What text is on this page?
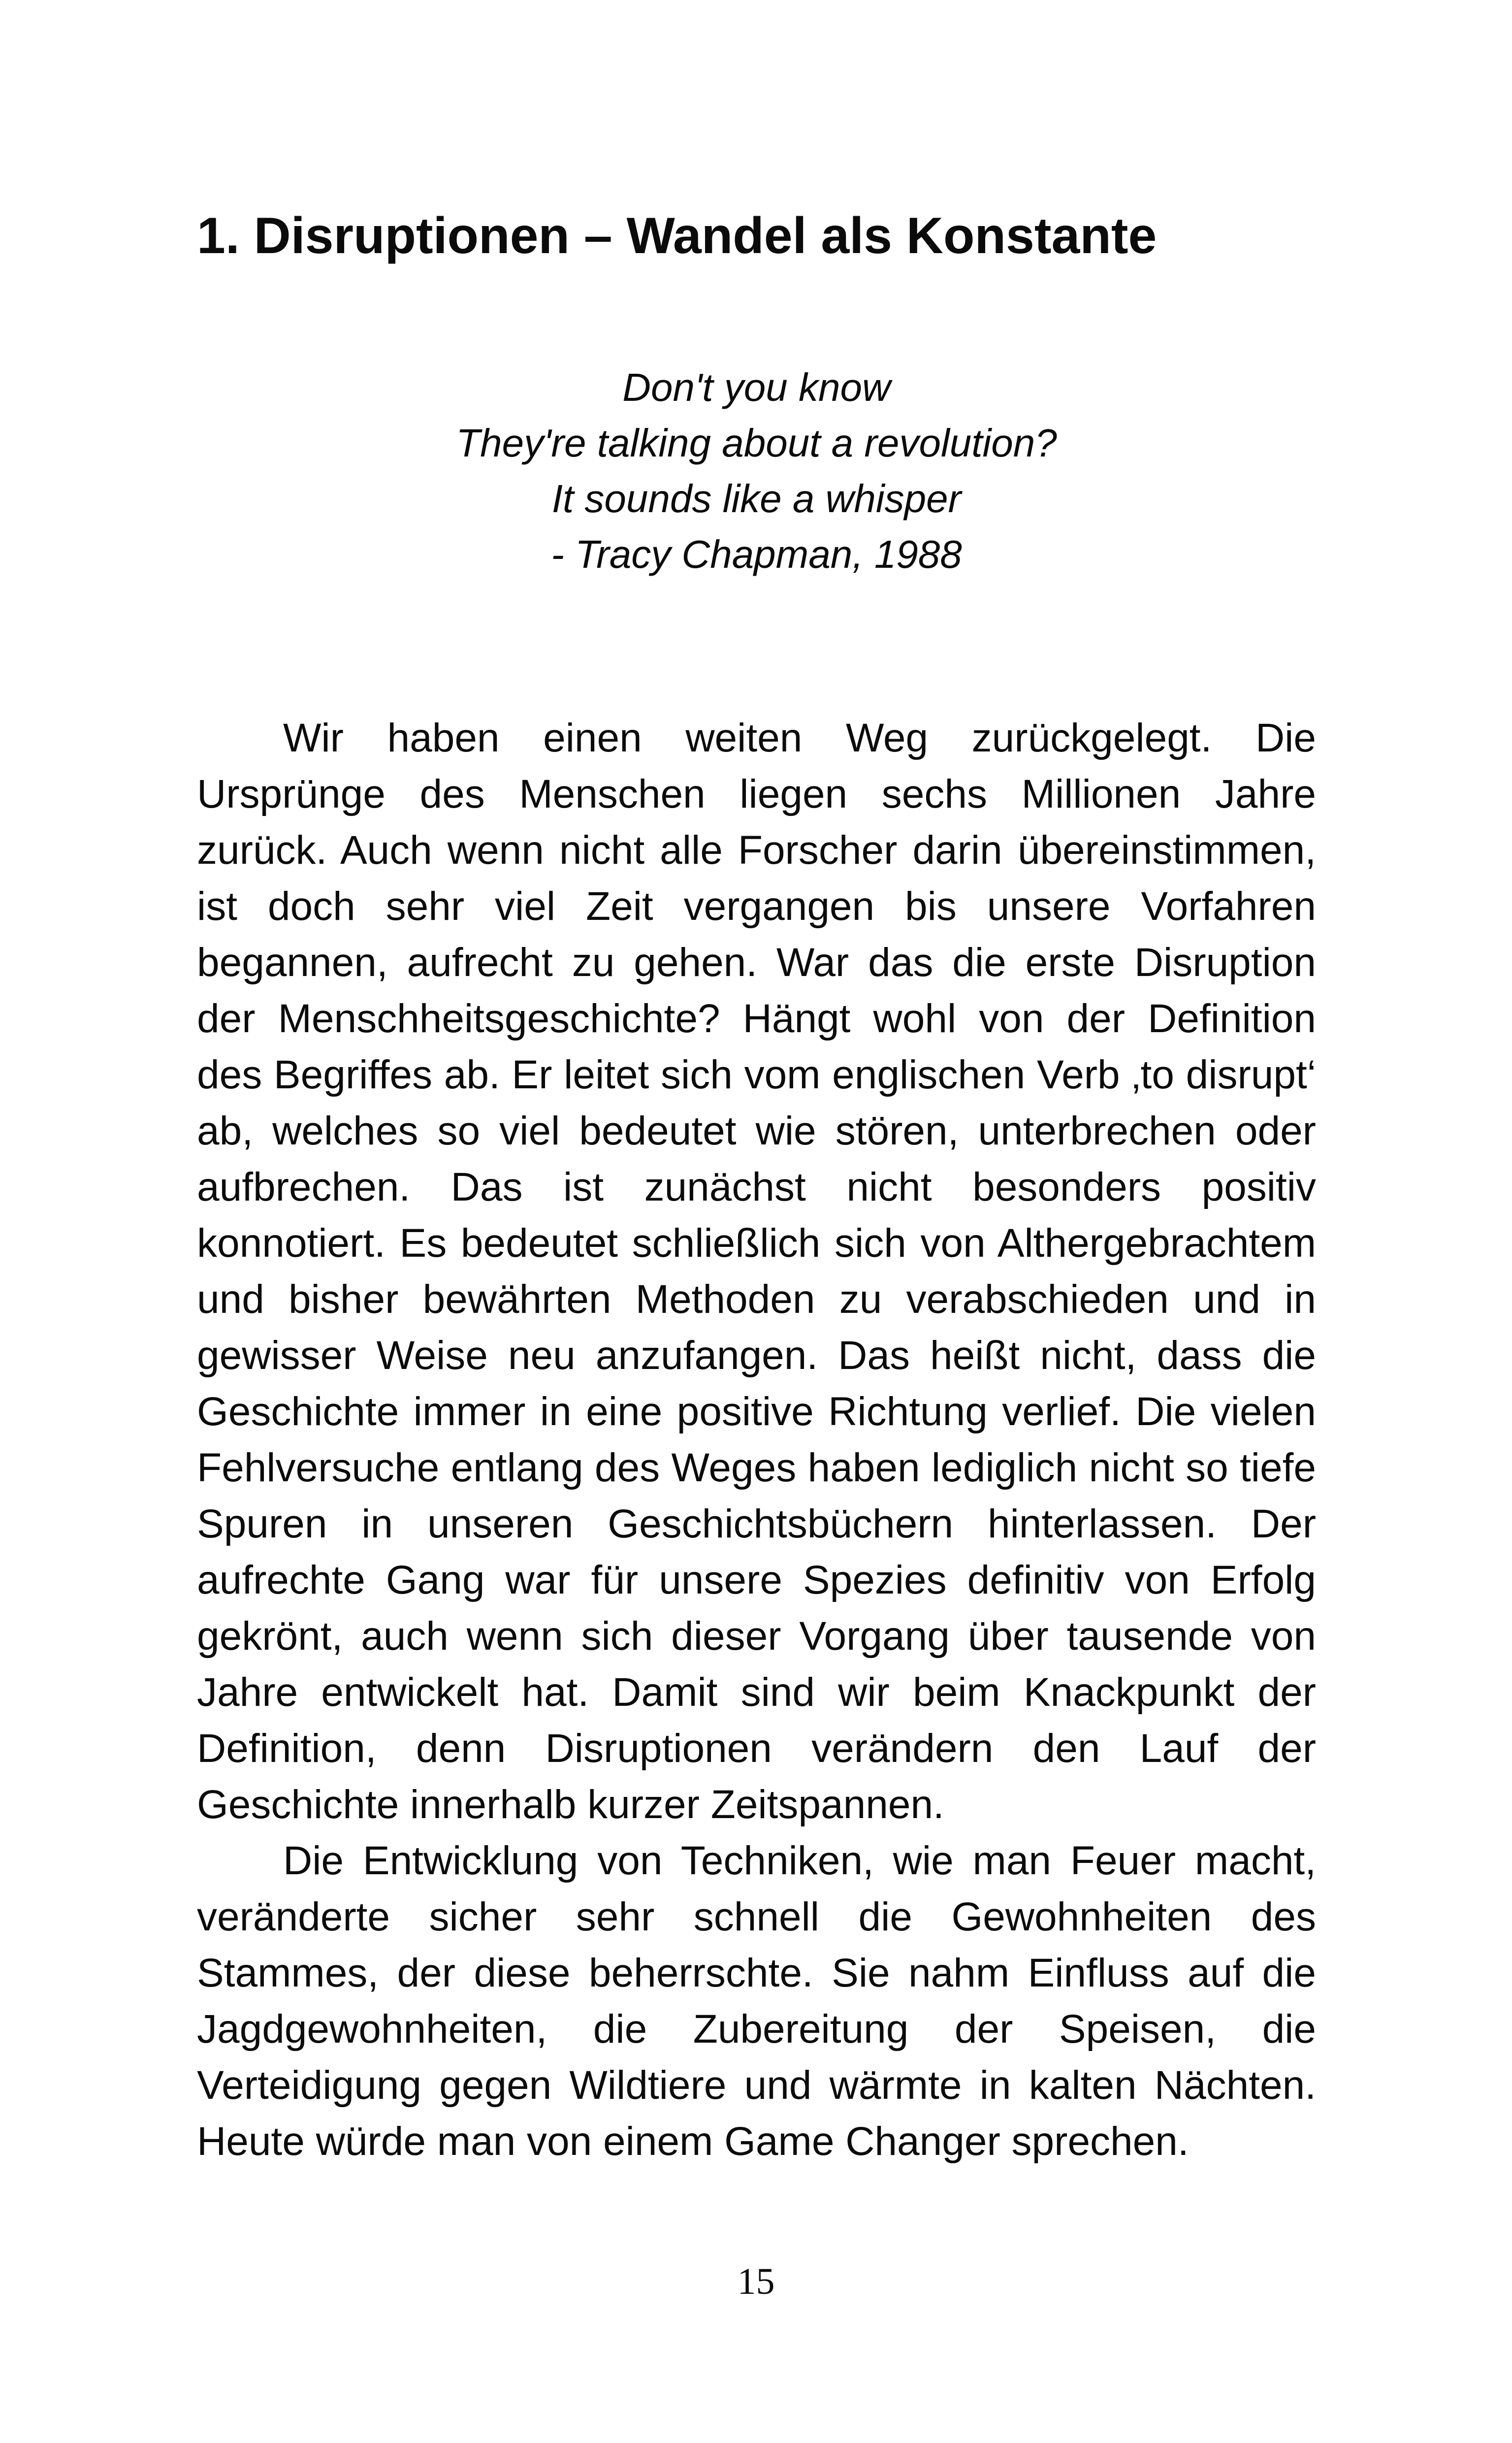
1. Disruptionen – Wandel als Konstante
Don't you know
They're talking about a revolution?
It sounds like a whisper
- Tracy Chapman, 1988

Wir haben einen weiten Weg zurückgelegt. Die Ursprünge des Menschen liegen sechs Millionen Jahre zurück. Auch wenn nicht alle Forscher darin übereinstimmen, ist doch sehr viel Zeit vergangen bis unsere Vorfahren begannen, aufrecht zu gehen. War das die erste Disruption der Menschheitsgeschichte? Hängt wohl von der Definition des Begriffes ab. Er leitet sich vom englischen Verb ‚to disrupt‘ ab, welches so viel bedeutet wie stören, unterbrechen oder aufbrechen. Das ist zunächst nicht besonders positiv konnotiert. Es bedeutet schließlich sich von Althergebrachtem und bisher bewährten Methoden zu verabschieden und in gewisser Weise neu anzufangen. Das heißt nicht, dass die Geschichte immer in eine positive Richtung verlief. Die vielen Fehlversuche entlang des Weges haben lediglich nicht so tiefe Spuren in unseren Geschichtsbüchern hinterlassen. Der aufrechte Gang war für unsere Spezies definitiv von Erfolg gekrönt, auch wenn sich dieser Vorgang über tausende von Jahre entwickelt hat. Damit sind wir beim Knackpunkt der Definition, denn Disruptionen verändern den Lauf der Geschichte innerhalb kurzer Zeitspannen.

Die Entwicklung von Techniken, wie man Feuer macht, veränderte sicher sehr schnell die Gewohnheiten des Stammes, der diese beherrschte. Sie nahm Einfluss auf die Jagdgewohnheiten, die Zubereitung der Speisen, die Verteidigung gegen Wildtiere und wärmte in kalten Nächten. Heute würde man von einem Game Changer sprechen.

15
